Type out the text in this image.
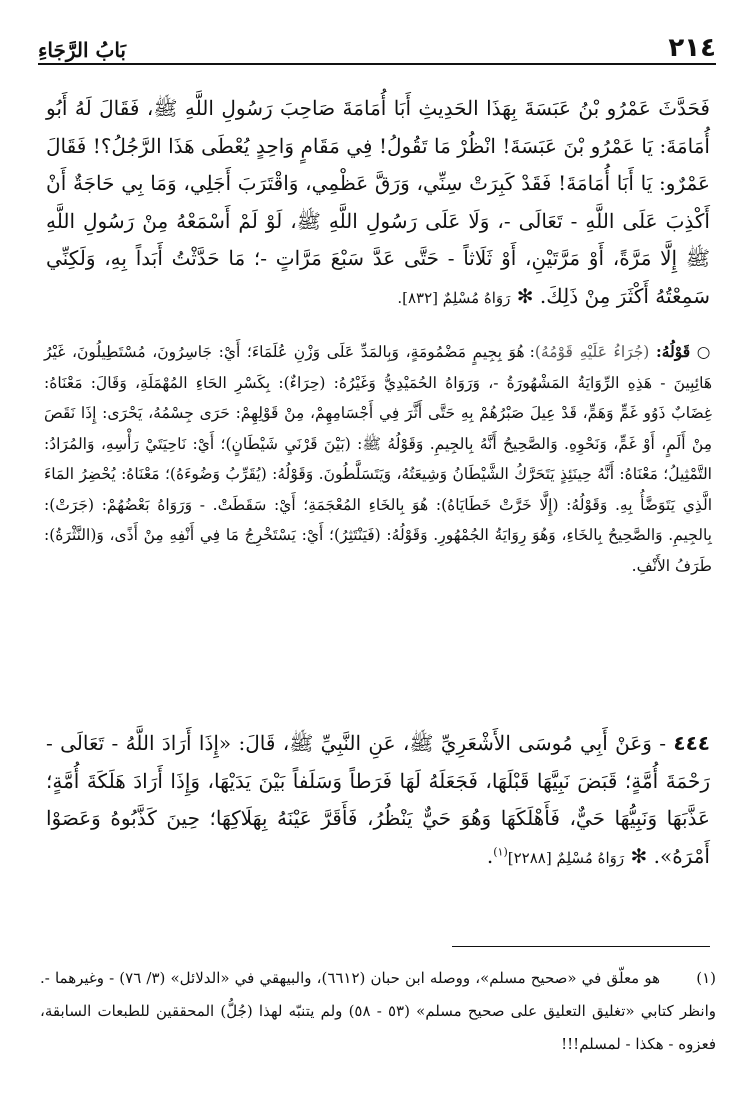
٢١٤
بَابُ الرَّجَاءِ
فَحَدَّثَ عَمْرُو بْنُ عَبَسَةَ بِهَذَا الحَدِيثِ أَبَا أُمَامَةَ صَاحِبَ رَسُولِ اللَّهِ ﷺ، فَقَالَ لَهُ أَبُو أُمَامَةَ: يَا عَمْرُو بْنَ عَبَسَةَ! انْظُرْ مَا تَقُولُ! فِي مَقَامٍ وَاحِدٍ يُعْطَى هَذَا الرَّجُلُ؟! فَقَالَ عَمْرٌو: يَا أَبَا أُمَامَةَ! فَقَدْ كَبِرَتْ سِنِّي، وَرَقَّ عَظْمِي، وَاقْتَرَبَ أَجَلِي، وَمَا بِي حَاجَةٌ أَنْ أَكْذِبَ عَلَى اللَّهِ - تَعَالَى -، وَلَا عَلَى رَسُولِ اللَّهِ ﷺ، لَوْ لَمْ أَسْمَعْهُ مِنْ رَسُولِ اللَّهِ ﷺ إِلَّا مَرَّةً، أَوْ مَرَّتَيْنِ، أَوْ ثَلَاثاً - حَتَّى عَدَّ سَبْعَ مَرَّاتٍ -؛ مَا حَدَّثْتُ أَبَداً بِهِ، وَلَكِنِّي سَمِعْتُهُ أَكْثَرَ مِنْ ذَلِكَ. ✻ رَوَاهُ مُسْلِمٌ [٨٣٢].
○ قَوْلُهُ: (جُرَاءُ عَلَيْهِ قَوْمُهُ): هُوَ بِجِيمٍ مَضْمُومَةٍ، وَبِالمَدِّ عَلَى وَزْنِ عُلَمَاءَ؛ أَيْ: جَاسِرُونَ، مُسْتَطِيلُونَ، غَيْرُ هَائِبِينَ - هَذِهِ الرِّوَايَةُ المَشْهُورَةُ -، وَرَوَاهُ الحُمَيْدِيُّ وَغَيْرُهُ: (حِرَاءٌ): بِكَسْرِ الحَاءِ المُهْمَلَةِ، وَقَالَ: مَعْنَاهُ: غِضَابٌ ذَوُو غَمٍّ وَهَمٍّ، قَدْ عِيلَ صَبْرُهُمْ بِهِ حَتَّى أَثَّرَ فِي أَجْسَامِهِمْ، مِنْ قَوْلِهِمْ: حَرَى جِسْمُهُ، يَحْرَى: إِذَا نَقَصَ مِنْ أَلَمٍ، أَوْ غَمٍّ، وَنَحْوِهِ. وَالصَّحِيحُ أَنَّهُ بِالجِيمِ. وَقَوْلُهُ ﷺ: (بَيْنَ قَرْنَيِ شَيْطَانٍ)؛ أَيْ: نَاحِيَتَيْ رَأْسِهِ، وَالمُرَادُ: التَّمْثِيلُ؛ مَعْنَاهُ: أَنَّهُ حِينَئِذٍ يَتَحَرَّكُ الشَّيْطَانُ وَشِيعَتُهُ، وَيَتَسَلَّطُونَ. وَقَوْلُهُ: (يُقَرِّبُ وَضُوءَهُ)؛ مَعْنَاهُ: يُحْضِرُ المَاءَ الَّذِي يَتَوَضَّأُ بِهِ. وَقَوْلُهُ: (إِلَّا خَرَّتْ خَطَايَاهُ): هُوَ بِالخَاءِ المُعْجَمَةِ؛ أَيْ: سَقَطَتْ. - وَرَوَاهُ بَعْضُهُمْ: (جَرَتْ): بِالجِيمِ. وَالصَّحِيحُ بِالخَاءِ، وَهُوَ رِوَايَةُ الجُمْهُورِ. وَقَوْلُهُ: (فَيَنْتَثِرُ)؛ أَيْ: يَسْتَخْرِجُ مَا فِي أَنْفِهِ مِنْ أَذًى، وَ(النَّثْرَةُ): طَرَفُ الأَنْفِ.
٤٤٤ - وَعَنْ أَبِي مُوسَى الأَشْعَرِيِّ ﷺ، عَنِ النَّبِيِّ ﷺ، قَالَ: «إِذَا أَرَادَ اللَّهُ - تَعَالَى - رَحْمَةَ أُمَّةٍ؛ قَبَضَ نَبِيَّهَا قَبْلَهَا، فَجَعَلَهُ لَهَا فَرَطاً وَسَلَفاً بَيْنَ يَدَيْهَا، وَإِذَا أَرَادَ هَلَكَةَ أُمَّةٍ؛ عَذَّبَهَا وَنَبِيُّهَا حَيٌّ، فَأَهْلَكَهَا وَهُوَ حَيٌّ يَنْظُرُ، فَأَقَرَّ عَيْنَهُ بِهَلَاكِهَا؛ حِينَ كَذَّبُوهُ وَعَصَوْا أَمْرَهُ». ✻ رَوَاهُ مُسْلِمٌ [٢٢٨٨]$^{(١)}$.
(١)هو معلّق في «صحيح مسلم»، ووصله ابن حبان (٦٦١٢)، والبيهقي في «الدلائل» (٣/ ٧٦) - وغيرهما -. وانظر كتابي «تغليق التعليق على صحيح مسلم» (٥٣ - ٥٨) ولم يتنبّه لهذا (جُلُّ) المحققين للطبعات السابقة، فعزوه - هكذا - لمسلم!!!
